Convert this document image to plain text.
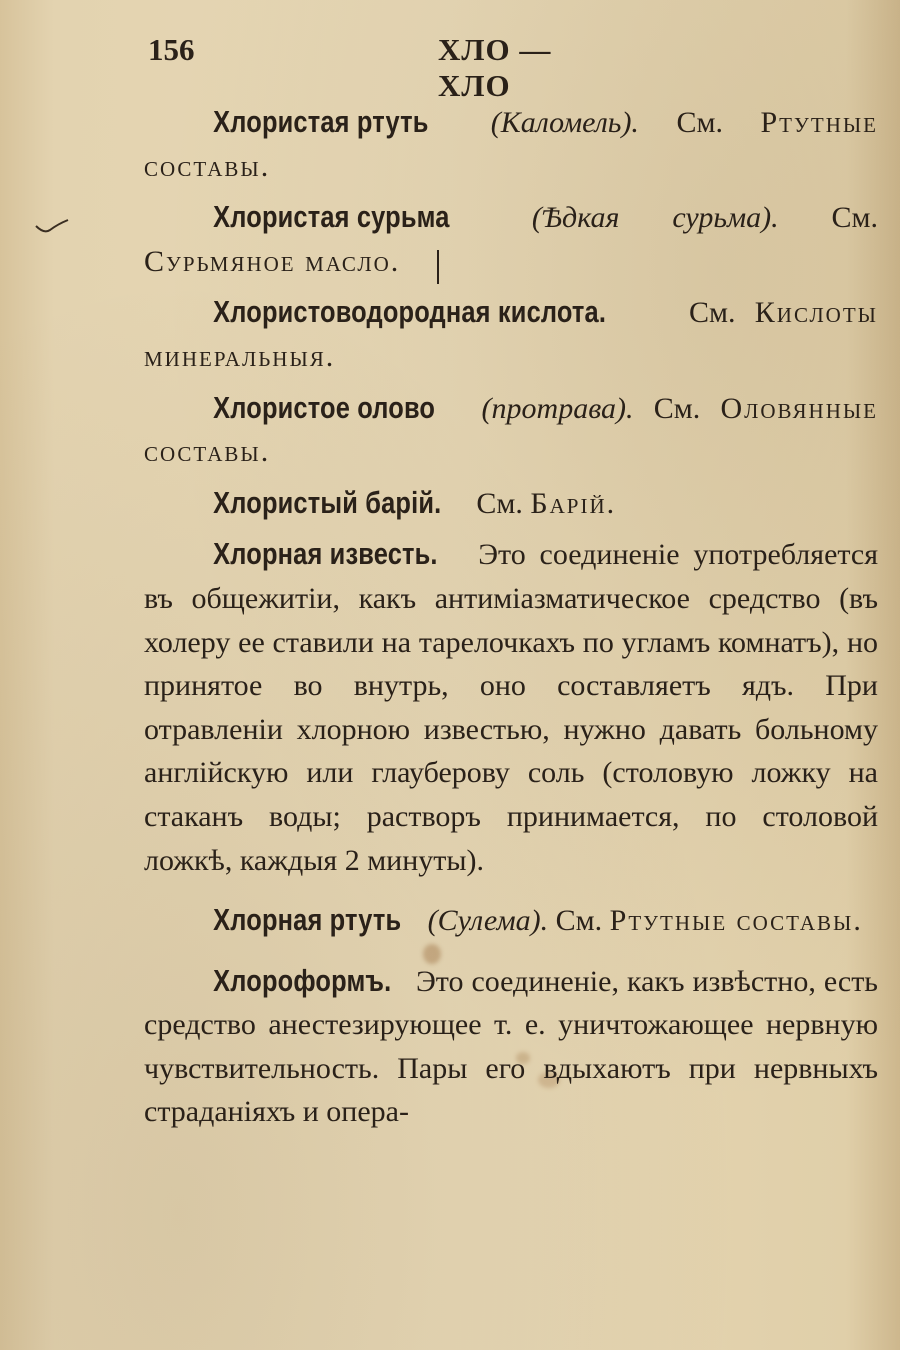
156	ХЛО — ХЛО

Хлористая ртуть (Каломель). См. Ртутные составы.

Хлористая сурьма	(Ѣдкая сурьма). См. Сурьмяное масло.

Хлористоводородная кислота.	См. Кислоты минеральныя.

Хлористое олово (протрава). См. Оловянные составы.

Хлористый барій. См. Барій.

Хлорная известь. Это соединеніе употребляется въ общежитіи, какъ антиміазматическое средство (въ холеру ее ставили на тарелочкахъ по угламъ комнатъ), но принятое во внутрь, оно составляетъ ядъ. При отравленіи хлорною известью, нужно давать больному англійскую или глауберову соль (столовую ложку на стаканъ воды; растворъ принимается, по столовой ложкѣ, каждыя 2 минуты).

Хлорная ртуть (Сулема). См. Ртутные составы.

Хлороформъ. Это соединеніе, какъ извѣстно, есть средство анестезирующее т. е. уничтожающее нервную чувствительность. Пары его вдыхаютъ при нервныхъ страданіяхъ и опера-
